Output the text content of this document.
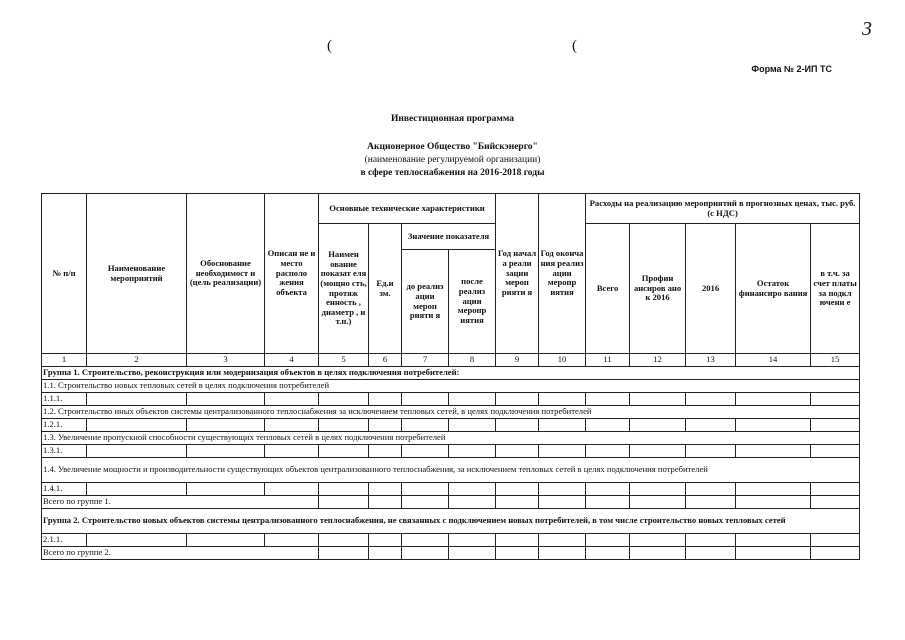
3
(	(
Форма № 2-ИП ТС
Инвестиционная программа
Акционерное Общество "Бийскэнерго"
(наименование регулируемой организации)
в сфере теплоснабжения на 2016-2018 годы
№ п/п	Наименование мероприятий	Обоснование необходимост и (цель реализации)	Описан не и место располо жения объекта	Основные технические характеристики				Год начал а реали зации мероп рияти я	Год оконча ния реализ ации меропр иятия	Расходы на реализацию мероприятий в прогнозных ценах, тыс. руб. (с НДС)				
				Наимен ование показат еля (мощно сть, протяж енность , диаметр , и т.п.)	Ед.и зм.	Значение показателя				Всего	Профин ансиров ано к 2016	2016	Остаток финансиро вания	в т.ч. за счет платы за подкл ючени е
						до реализ ации мероп рияти я	после реализ ации меропр иятия							
1	2	3	4	5	6	7	8	9	10	11	12	13	14	15
Группа 1. Строительство, реконструкция или модернизация объектов в целях подключения потребителей:														
1.1. Строительство новых тепловых сетей в целях подключения потребителей														
1.1.1.														
1.2. Строительство иных объектов системы централизованного теплоснабжения за исключением тепловых сетей, в целях подключения потребителей														
1.2.1.														
1.3. Увеличение пропускной способности существующих тепловых сетей в целях подключения потребителей														
1.3.1.														
1.4. Увеличение мощности и производительности существующих объектов централизованного теплоснабжения, за исключением тепловых сетей в целях подключения потребителей														
1.4.1.														
Всего по группе 1.														
Группа 2. Строительство новых объектов системы централизованного теплоснабжения, не связанных с подключением новых потребителей, в том числе строительство новых тепловых сетей														
2.1.1.														
Всего по группе 2.														
